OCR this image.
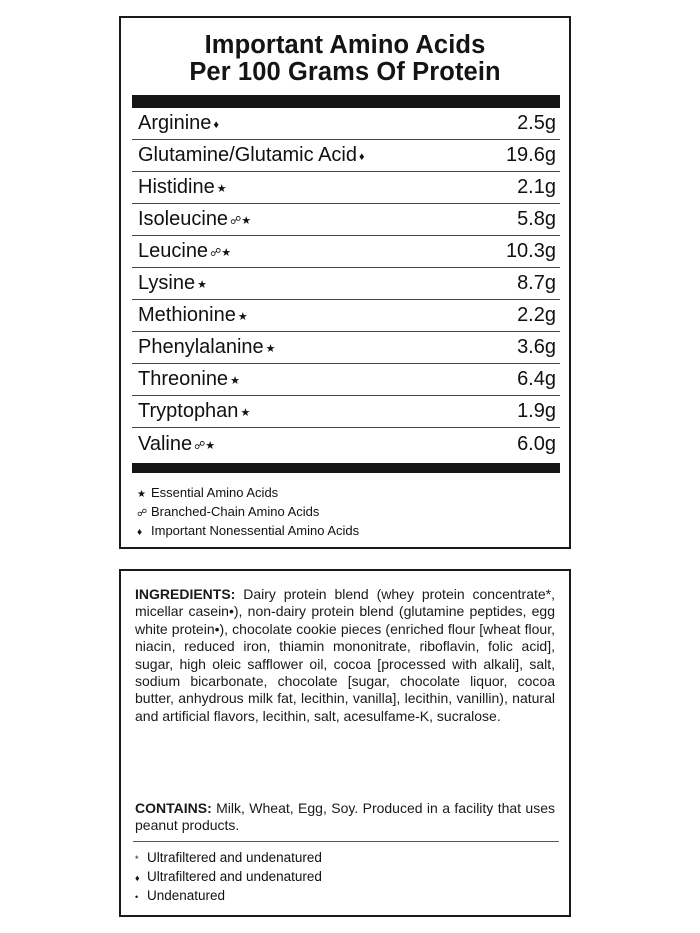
Important Amino Acids
Per 100 Grams Of Protein
Arginine ♦	2.5g
Glutamine/Glutamic Acid ♦	19.6g
Histidine ★	2.1g
Isoleucine ☍★	5.8g
Leucine ☍★	10.3g
Lysine ★	8.7g
Methionine ★	2.2g
Phenylalanine ★	3.6g
Threonine ★	6.4g
Tryptophan ★	1.9g
Valine ☍★	6.0g
★ Essential Amino Acids
☍ Branched-Chain Amino Acids
♦ Important Nonessential Amino Acids
INGREDIENTS: Dairy protein blend (whey protein concentrate*, micellar casein•), non-dairy protein blend (glutamine peptides, egg white protein•), chocolate cookie pieces (enriched flour [wheat flour, niacin, reduced iron, thiamin mononitrate, riboflavin, folic acid], sugar, high oleic safflower oil, cocoa [processed with alkali], salt, sodium bicarbonate, chocolate [sugar, chocolate liquor, cocoa butter, anhydrous milk fat, lecithin, vanilla], lecithin, vanillin), natural and artificial flavors, lecithin, salt, acesulfame-K, sucralose.
CONTAINS: Milk, Wheat, Egg, Soy. Produced in a facility that uses peanut products.
* Ultrafiltered and undenatured
♦ Ultrafiltered and undenatured
• Undenatured
